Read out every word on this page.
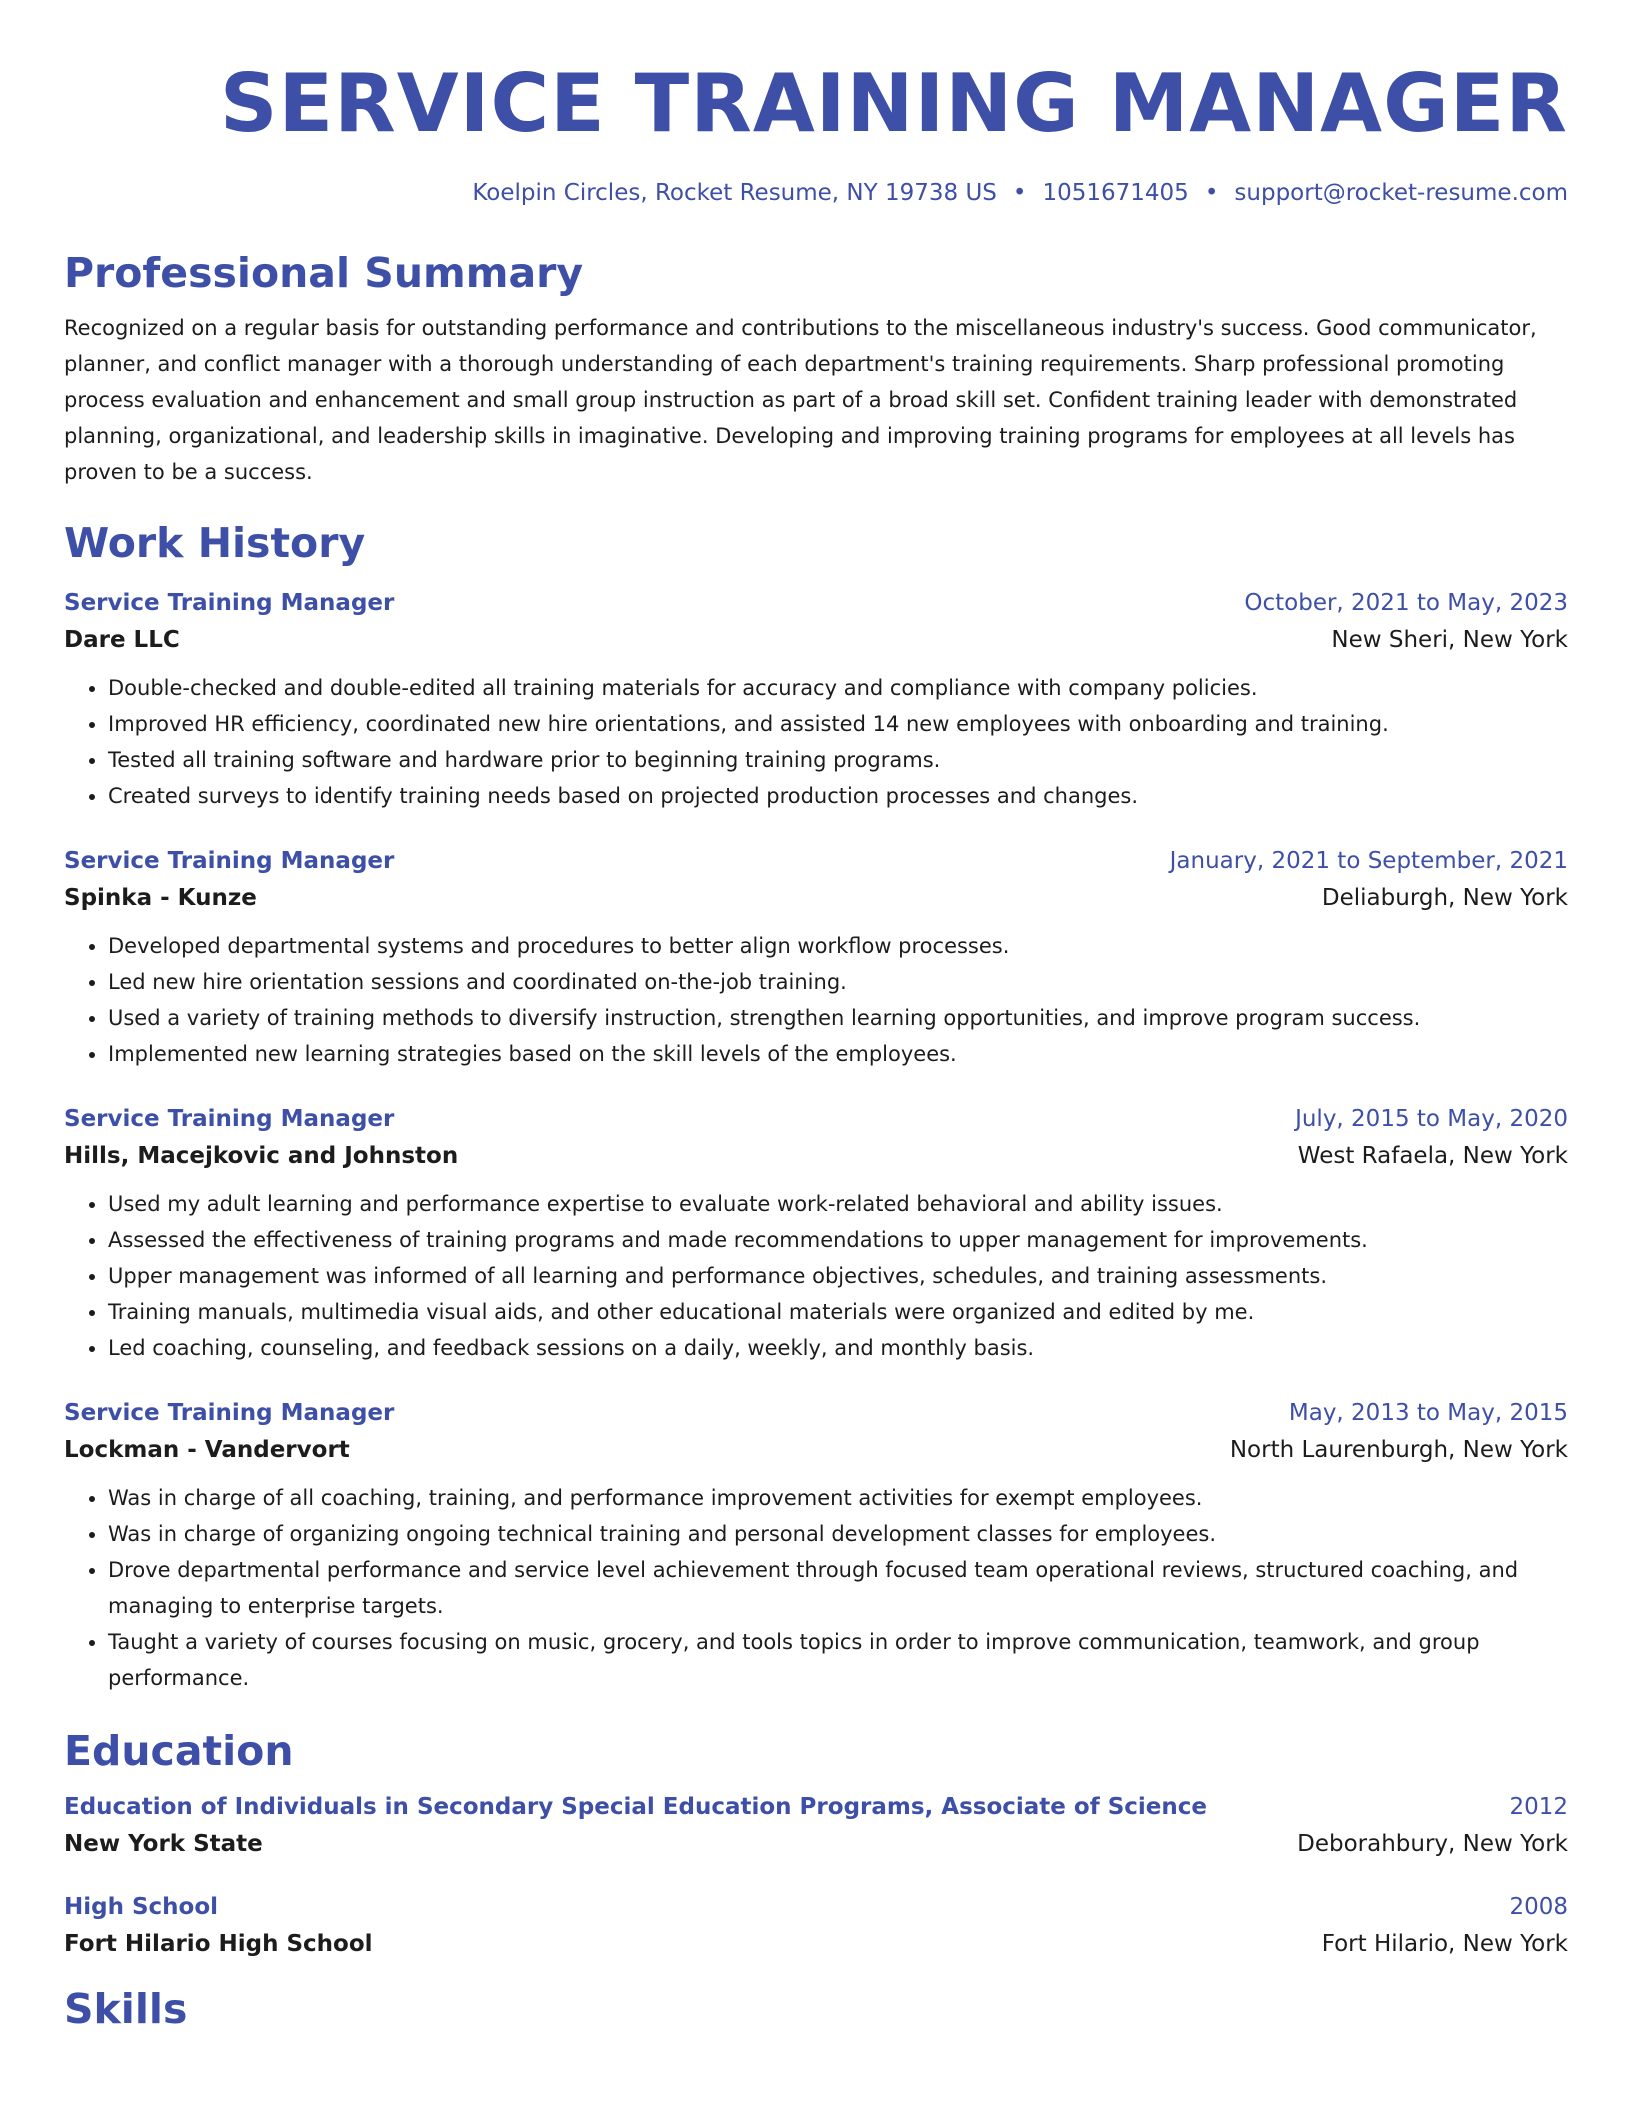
SERVICE TRAINING MANAGER
Koelpin Circles, Rocket Resume, NY 19738 US • 1051671405 • support@rocket-resume.com
Professional Summary

Recognized on a regular basis for outstanding performance and contributions to the miscellaneous industry's success. Good communicator, planner, and conflict manager with a thorough understanding of each department's training requirements. Sharp professional promoting process evaluation and enhancement and small group instruction as part of a broad skill set. Confident training leader with demonstrated planning, organizational, and leadership skills in imaginative. Developing and improving training programs for employees at all levels has proven to be a success.

Work History
Service Training Manager	October, 2021 to May, 2023
Dare LLC	New Sheri, New York
• Double-checked and double-edited all training materials for accuracy and compliance with company policies.
• Improved HR efficiency, coordinated new hire orientations, and assisted 14 new employees with onboarding and training.
• Tested all training software and hardware prior to beginning training programs.
• Created surveys to identify training needs based on projected production processes and changes.
Service Training Manager	January, 2021 to September, 2021
Spinka - Kunze	Deliaburgh, New York
• Developed departmental systems and procedures to better align workflow processes.
• Led new hire orientation sessions and coordinated on-the-job training.
• Used a variety of training methods to diversify instruction, strengthen learning opportunities, and improve program success.
• Implemented new learning strategies based on the skill levels of the employees.
Service Training Manager	July, 2015 to May, 2020
Hills, Macejkovic and Johnston	West Rafaela, New York
• Used my adult learning and performance expertise to evaluate work-related behavioral and ability issues.
• Assessed the effectiveness of training programs and made recommendations to upper management for improvements.
• Upper management was informed of all learning and performance objectives, schedules, and training assessments.
• Training manuals, multimedia visual aids, and other educational materials were organized and edited by me.
• Led coaching, counseling, and feedback sessions on a daily, weekly, and monthly basis.
Service Training Manager	May, 2013 to May, 2015
Lockman - Vandervort	North Laurenburgh, New York
• Was in charge of all coaching, training, and performance improvement activities for exempt employees.
• Was in charge of organizing ongoing technical training and personal development classes for employees.
• Drove departmental performance and service level achievement through focused team operational reviews, structured coaching, and managing to enterprise targets.
• Taught a variety of courses focusing on music, grocery, and tools topics in order to improve communication, teamwork, and group performance.
Education
Education of Individuals in Secondary Special Education Programs, Associate of Science	2012
New York State	Deborahbury, New York
High School	2008
Fort Hilario High School	Fort Hilario, New York
Skills
